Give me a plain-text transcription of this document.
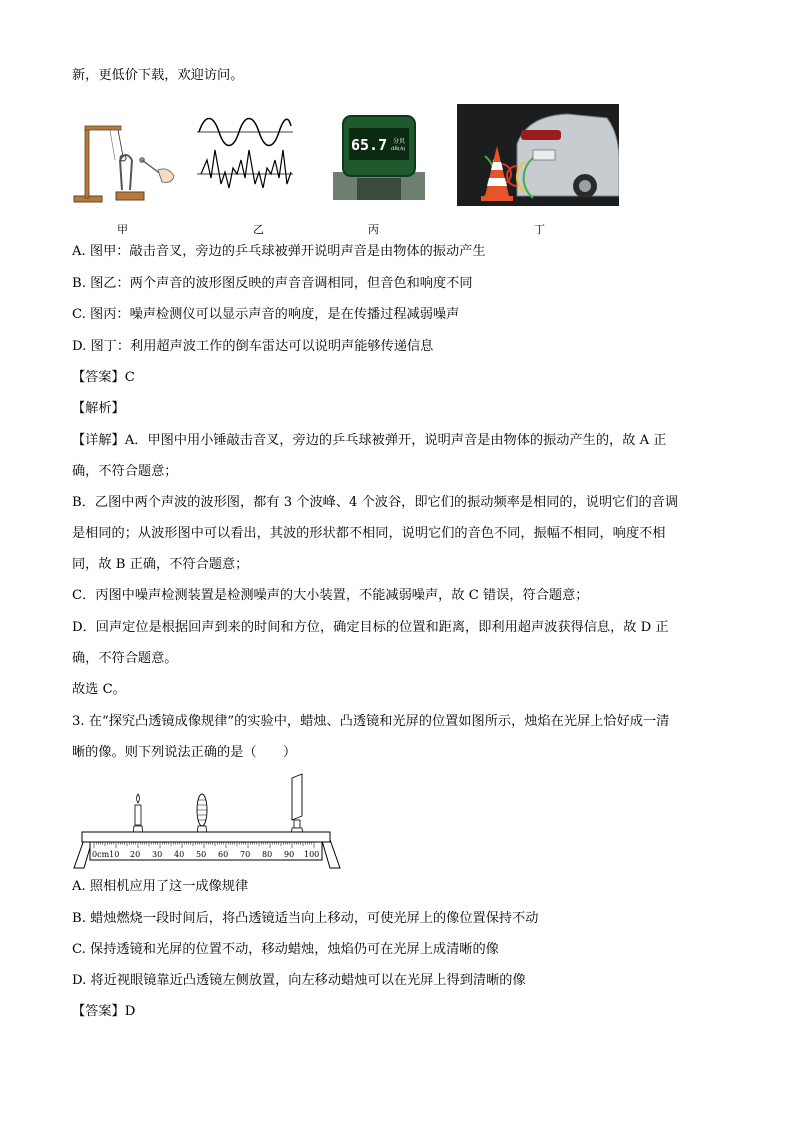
新，更低价下载，欢迎访问。
65.7 分贝
dB(A)
甲	乙	丙	丁
A. 图甲：敲击音叉，旁边的乒乓球被弹开说明声音是由物体的振动产生
B. 图乙：两个声音的波形图反映的声音音调相同，但音色和响度不同
C. 图丙：噪声检测仪可以显示声音的响度，是在传播过程减弱噪声
D. 图丁：利用超声波工作的倒车雷达可以说明声能够传递信息
【答案】C
【解析】
【详解】A．甲图中用小锤敲击音叉，旁边的乒乓球被弹开，说明声音是由物体的振动产生的，故 A 正
确，不符合题意；
B．乙图中两个声波的波形图，都有 3 个波峰、4 个波谷，即它们的振动频率是相同的，说明它们的音调
是相同的；从波形图中可以看出，其波的形状都不相同，说明它们的音色不同，振幅不相同，响度不相
同，故 B 正确，不符合题意；
C．丙图中噪声检测装置是检测噪声的大小装置，不能减弱噪声，故 C 错误，符合题意；
D．回声定位是根据回声到来的时间和方位，确定目标的位置和距离，即利用超声波获得信息，故 D 正
确，不符合题意。
故选 C。
3. 在“探究凸透镜成像规律”的实验中，蜡烛、凸透镜和光屏的位置如图所示，烛焰在光屏上恰好成一清
晰的像。则下列说法正确的是（　　）
0cm10 20 30 40 50 60 70 80 90 100
A. 照相机应用了这一成像规律
B. 蜡烛燃烧一段时间后，将凸透镜适当向上移动，可使光屏上的像位置保持不动
C. 保持透镜和光屏的位置不动，移动蜡烛，烛焰仍可在光屏上成清晰的像
D. 将近视眼镜靠近凸透镜左侧放置，向左移动蜡烛可以在光屏上得到清晰的像
【答案】D
